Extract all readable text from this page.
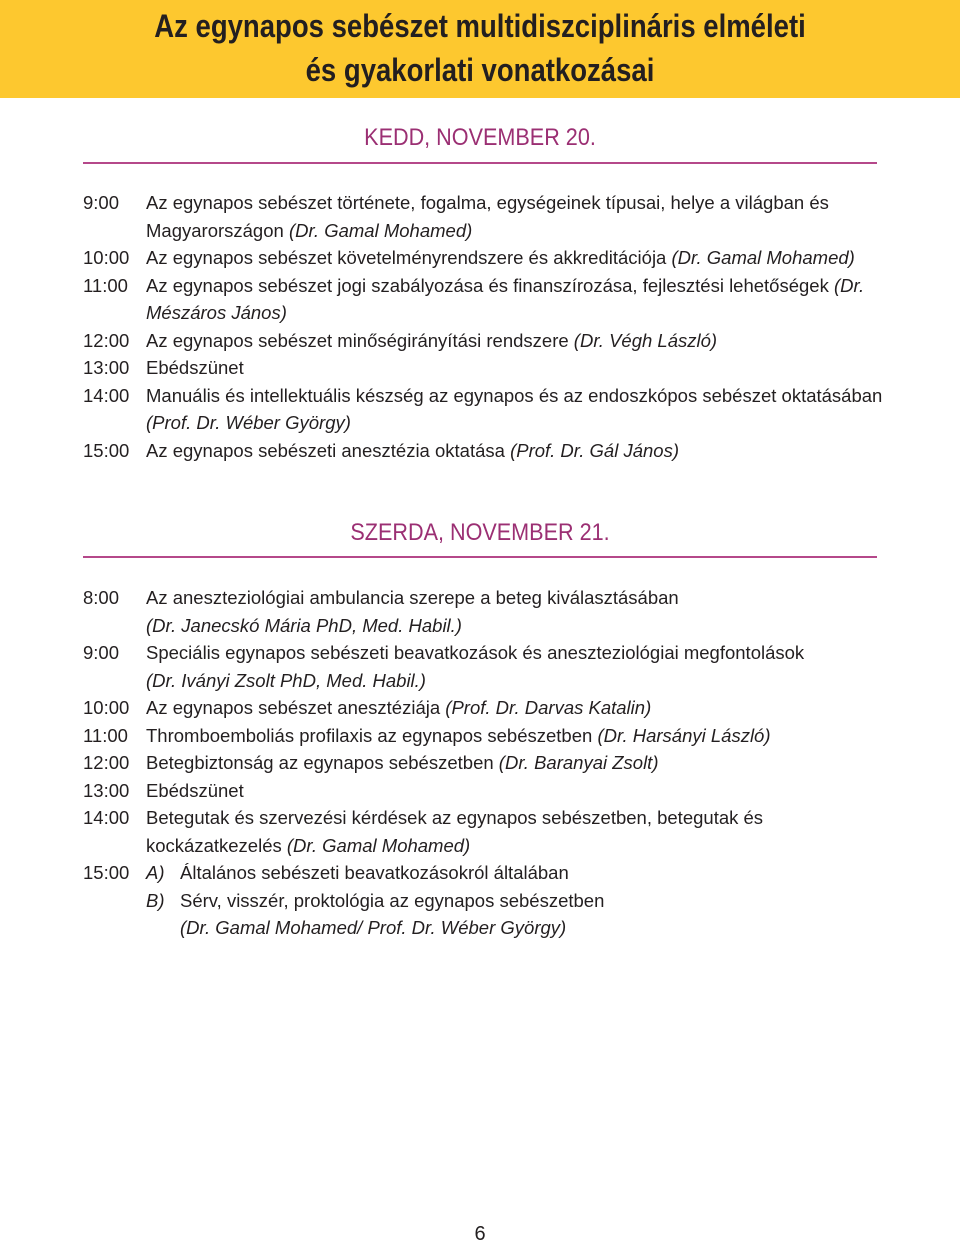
Az egynapos sebészet multidiszciplináris elméleti
és gyakorlati vonatkozásai
KEDD, NOVEMBER 20.
9:00 Az egynapos sebészet története, fogalma, egységeinek típusai, helye a világban és Magyarországon (Dr. Gamal Mohamed)
10:00 Az egynapos sebészet követelményrendszere és akkreditációja (Dr. Gamal Mohamed)
11:00 Az egynapos sebészet jogi szabályozása és finanszírozása, fejlesztési lehetőségek (Dr. Mészáros János)
12:00 Az egynapos sebészet minőségirányítási rendszere (Dr. Végh László)
13:00 Ebédszünet
14:00 Manuális és intellektuális készség az egynapos és az endoszkópos sebészet oktatásában (Prof. Dr. Wéber György)
15:00 Az egynapos sebészeti anesztézia oktatása (Prof. Dr. Gál János)
SZERDA, NOVEMBER 21.
8:00 Az aneszteziológiai ambulancia szerepe a beteg kiválasztásában
(Dr. Janecskó Mária PhD, Med. Habil.)
9:00 Speciális egynapos sebészeti beavatkozások és aneszteziológiai megfontolások
(Dr. Iványi Zsolt PhD, Med. Habil.)
10:00 Az egynapos sebészet anesztéziája (Prof. Dr. Darvas Katalin)
11:00 Thromboemboliás profilaxis az egynapos sebészetben (Dr. Harsányi László)
12:00 Betegbiztonság az egynapos sebészetben (Dr. Baranyai Zsolt)
13:00 Ebédszünet
14:00 Betegutak és szervezési kérdések az egynapos sebészetben, betegutak és kockázatkezelés (Dr. Gamal Mohamed)
15:00 A) Általános sebészeti beavatkozásokról általában
B) Sérv, visszér, proktológia az egynapos sebészetben
(Dr. Gamal Mohamed/ Prof. Dr. Wéber György)
6
